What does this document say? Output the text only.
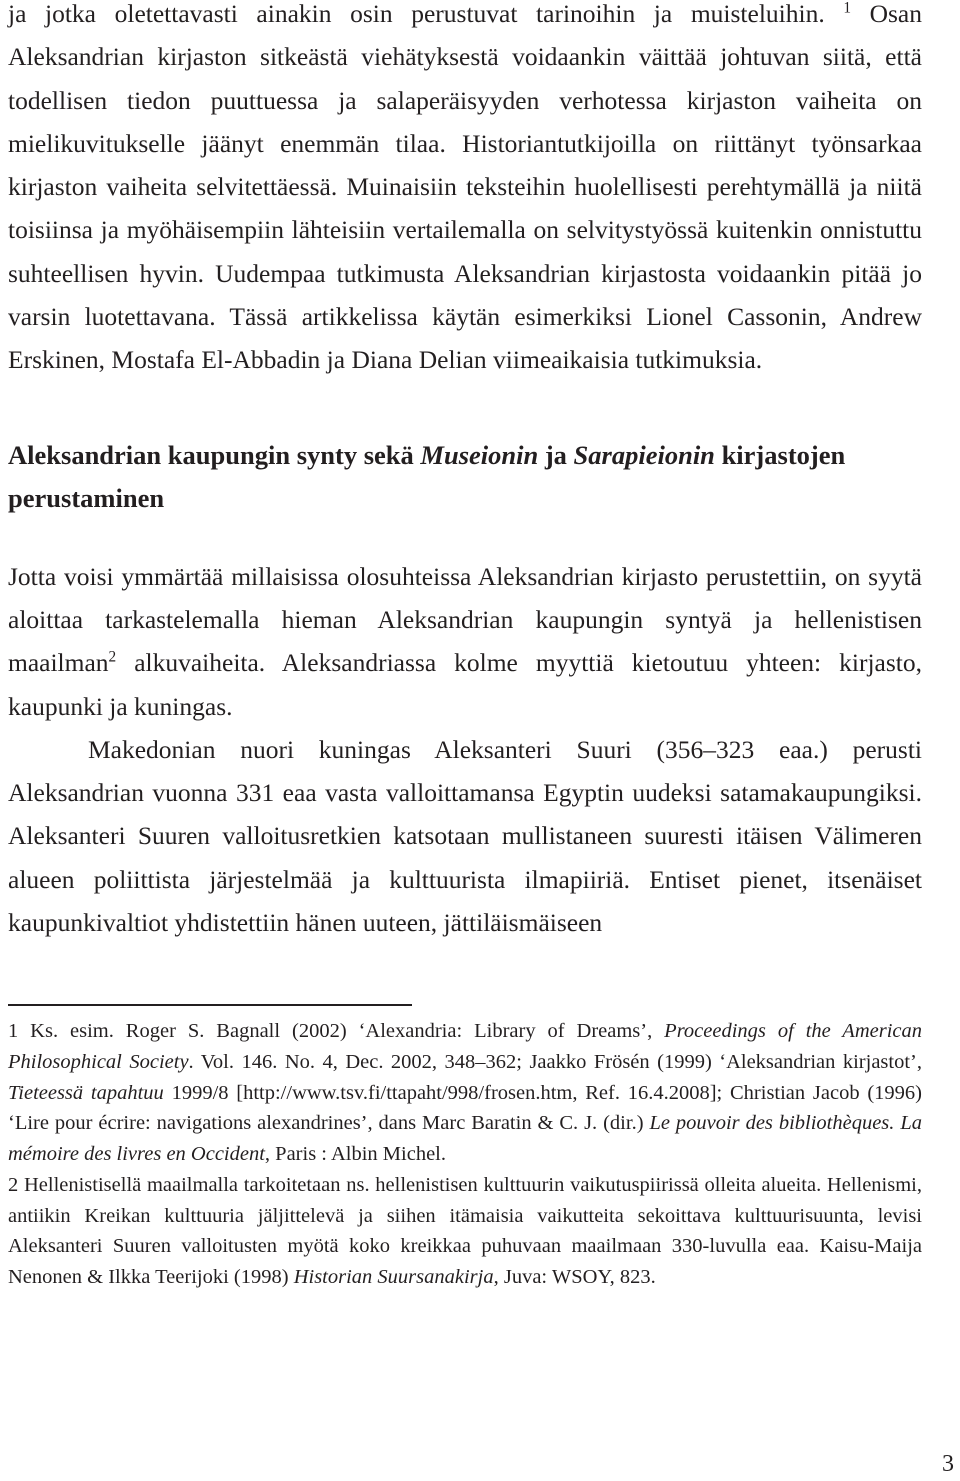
ja jotka oletettavasti ainakin osin perustuvat tarinoihin ja muisteluihin. $^1$ Osan Aleksandrian kirjaston sitkeästä viehätyksestä voidaankin väittää johtuvan siitä, että todellisen tiedon puuttuessa ja salaperäisyyden verhotessa kirjaston vaiheita on mielikuvitukselle jäänyt enemmän tilaa. Historiantutkijoilla on riittänyt työnsarkaa kirjaston vaiheita selvitettäessä. Muinaisiin teksteihin huolellisesti perehtymällä ja niitä toisiinsa ja myöhäisempiin lähteisiin vertailemalla on selvitystyössä kuitenkin onnistuttu suhteellisen hyvin. Uudempaa tutkimusta Aleksandrian kirjastosta voidaankin pitää jo varsin luotettavana. Tässä artikkelissa käytän esimerkiksi Lionel Cassonin, Andrew Erskinen, Mostafa El-Abbadin ja Diana Delian viimeaikaisia tutkimuksia.

Aleksandrian kaupungin synty sekä Museionin ja Sarapieionin kirjastojen perustaminen

Jotta voisi ymmärtää millaisissa olosuhteissa Aleksandrian kirjasto perustettiin, on syytä aloittaa tarkastelemalla hieman Aleksandrian kaupungin syntyä ja hellenistisen maailman$^2$ alkuvaiheita. Aleksandriassa kolme myyttiä kietoutuu yhteen: kirjasto, kaupunki ja kuningas.

Makedonian nuori kuningas Aleksanteri Suuri (356–323 eaa.) perusti Aleksandrian vuonna 331 eaa vasta valloittamansa Egyptin uudeksi satamakaupungiksi. Aleksanteri Suuren valloitusretkien katsotaan mullistaneen suuresti itäisen Välimeren alueen poliittista järjestelmää ja kulttuurista ilmapiiriä. Entiset pienet, itsenäiset kaupunkivaltiot yhdistettiin hänen uuteen, jättiläismäiseen

1 Ks. esim. Roger S. Bagnall (2002) ‘Alexandria: Library of Dreams’, Proceedings of the American Philosophical Society. Vol. 146. No. 4, Dec. 2002, 348–362; Jaakko Frösén (1999) ‘Aleksandrian kirjastot’, Tieteessä tapahtuu 1999/8 [http://www.tsv.fi/ttapaht/998/frosen.htm, Ref. 16.4.2008]; Christian Jacob (1996) ‘Lire pour écrire: navigations alexandrines’, dans Marc Baratin & C. J. (dir.) Le pouvoir des bibliothèques. La mémoire des livres en Occident, Paris : Albin Michel.

2 Hellenistisellä maailmalla tarkoitetaan ns. hellenistisen kulttuurin vaikutuspiirissä olleita alueita. Hellenismi, antiikin Kreikan kulttuuria jäljittelevä ja siihen itämaisia vaikutteita sekoittava kulttuurisuunta, levisi Aleksanteri Suuren valloitusten myötä koko kreikkaa puhuvaan maailmaan 330-luvulla eaa. Kaisu-Maija Nenonen & Ilkka Teerijoki (1998) Historian Suursanakirja, Juva: WSOY, 823.

3
